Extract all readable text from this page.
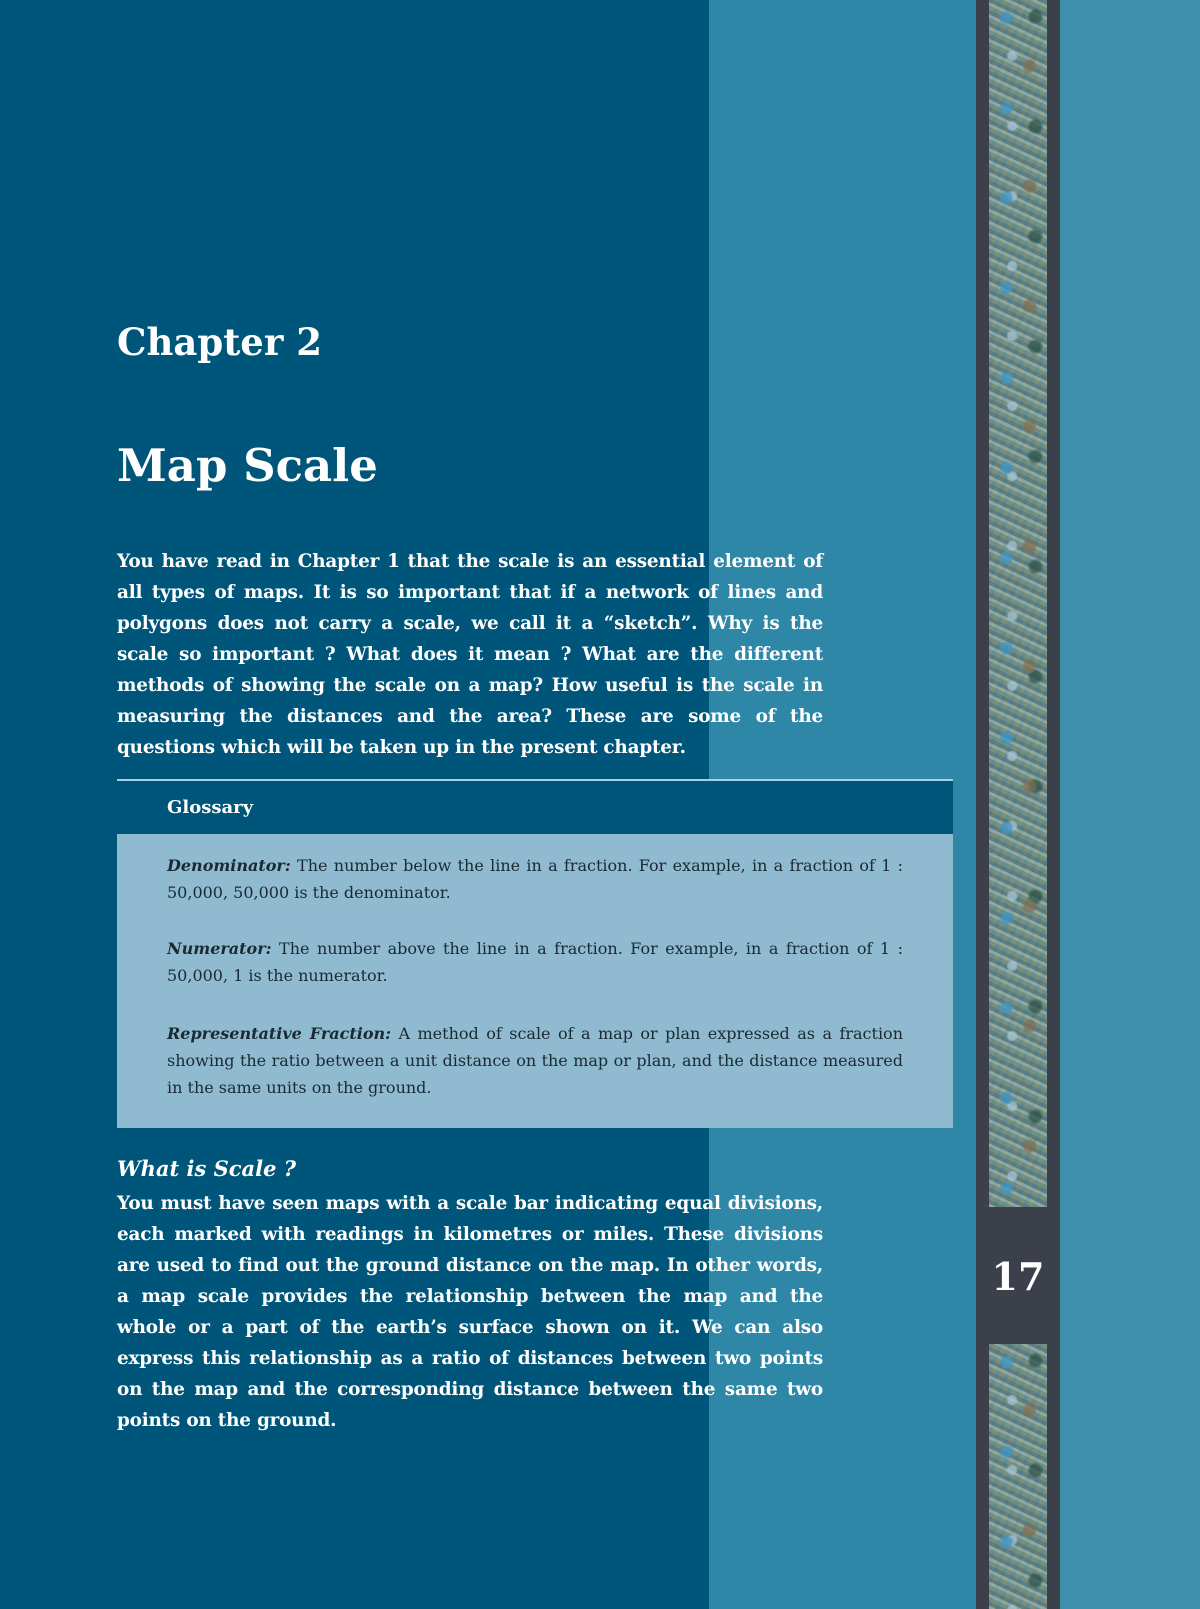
17
Chapter 2
Map Scale

You have read in Chapter 1 that the scale is an essential element of all types of maps. It is so important that if a network of lines and polygons does not carry a scale, we call it a “sketch”. Why is the scale so important ? What does it mean ? What are the different methods of showing the scale on a map? How useful is the scale in measuring the distances and the area? These are some of the questions which will be taken up in the present chapter.

Glossary

Denominator: The number below the line in a fraction. For example, in a fraction of 1 : 50,000, 50,000 is the denominator.

Numerator: The number above the line in a fraction. For example, in a fraction of 1 : 50,000, 1 is the numerator.

Representative Fraction: A method of scale of a map or plan expressed as a fraction showing the ratio between a unit distance on the map or plan, and the distance measured in the same units on the ground.

What is Scale ?

You must have seen maps with a scale bar indicating equal divisions, each marked with readings in kilometres or miles. These divisions are used to find out the ground distance on the map. In other words, a map scale provides the relationship between the map and the whole or a part of the earth’s surface shown on it. We can also express this relationship as a ratio of distances between two points on the map and the corresponding distance between the same two points on the ground.
